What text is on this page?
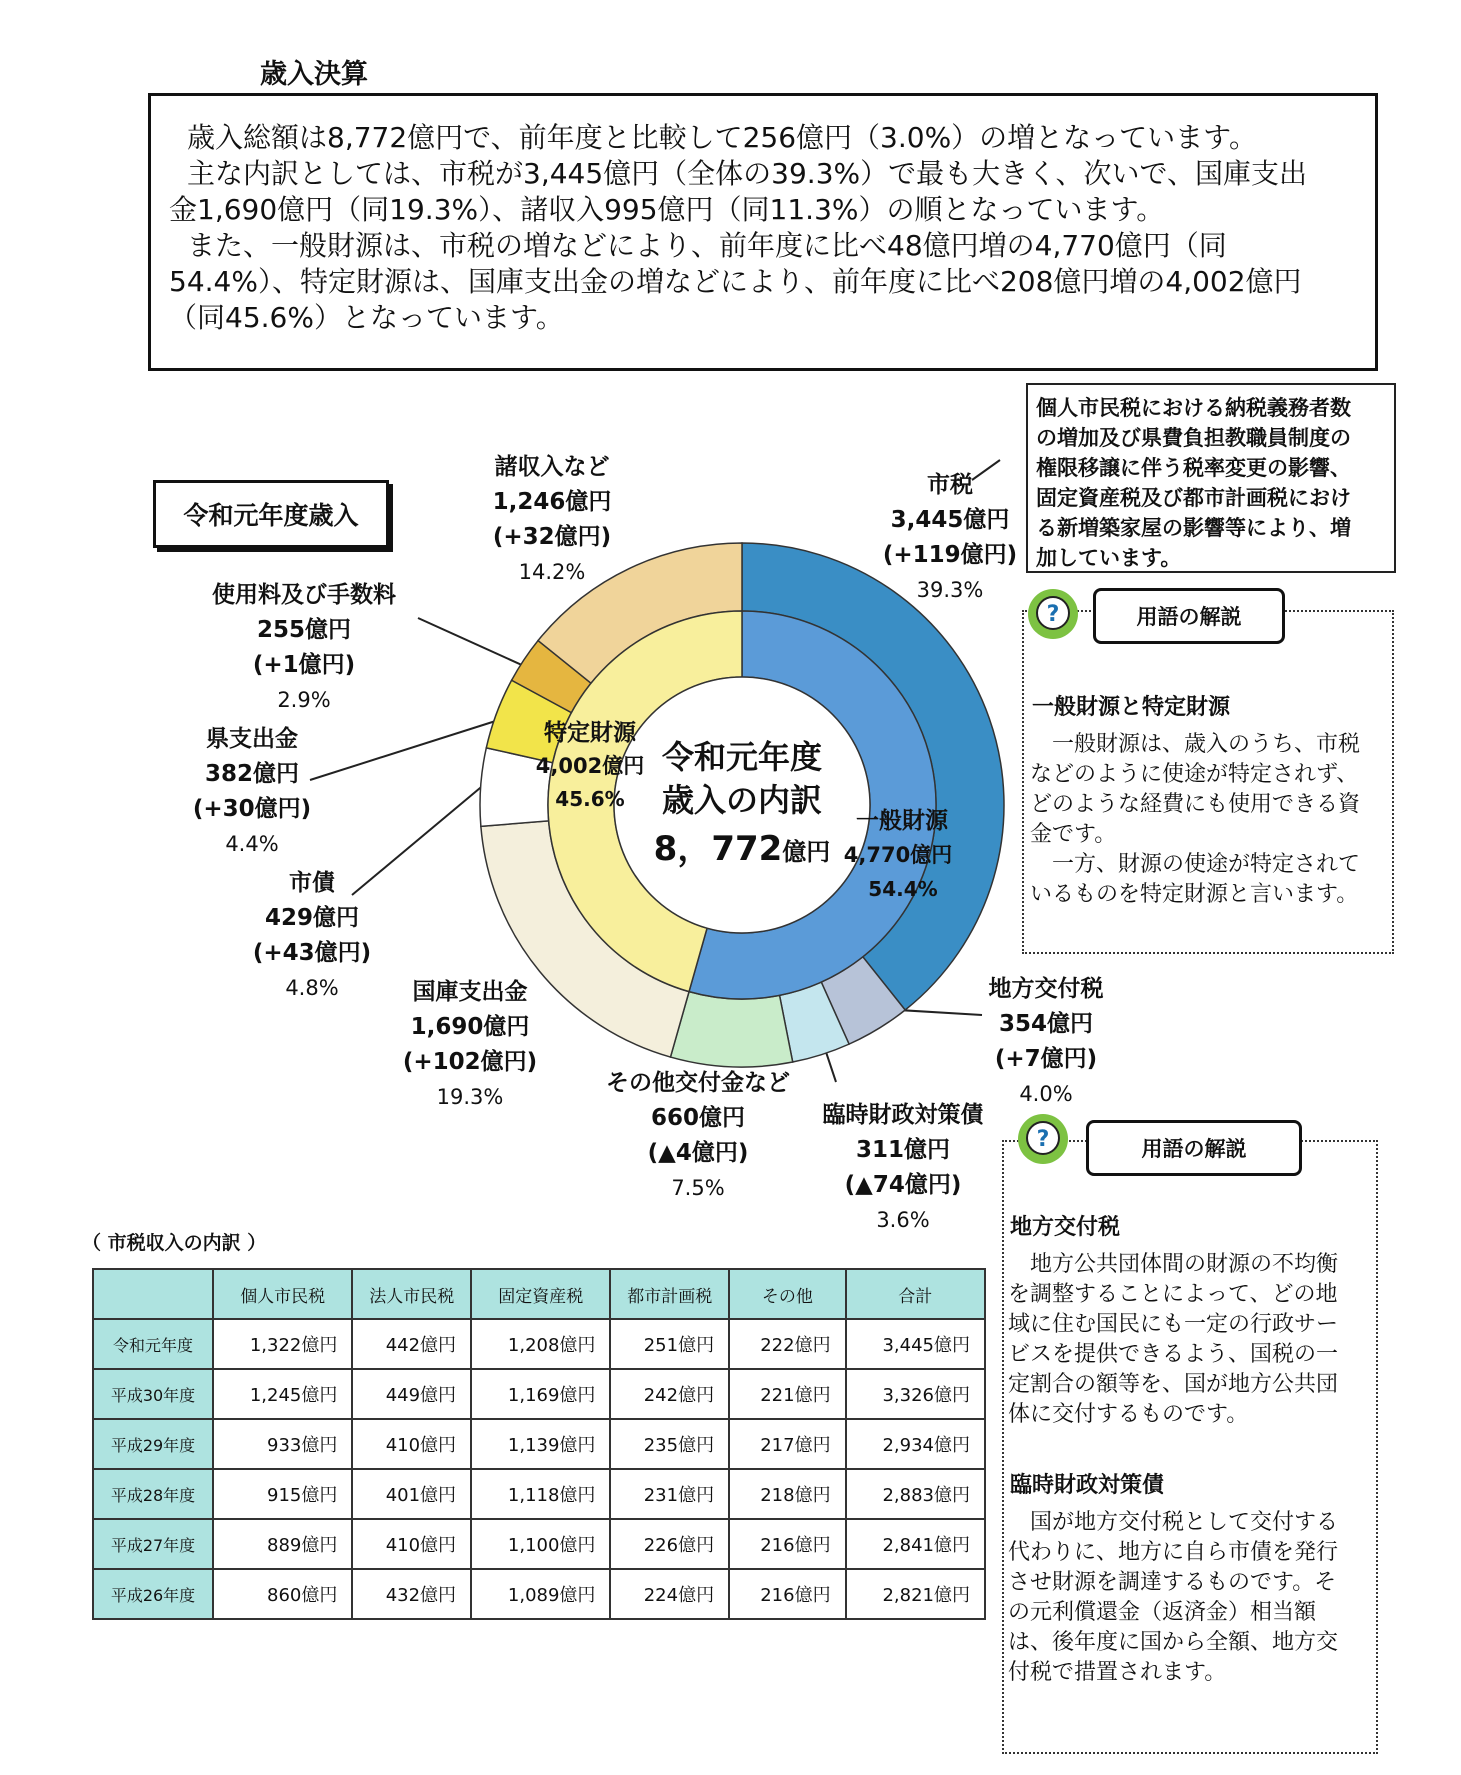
歳入決算

歳入総額は8,772億円で、前年度と比較して256億円（3.0%）の増となっています。

主な内訳としては、市税が3,445億円（全体の39.3%）で最も大きく、次いで、国庫支出

金1,690億円（同19.3%）、諸収入995億円（同11.3%）の順となっています。

また、一般財源は、市税の増などにより、前年度に比べ48億円増の4,770億円（同

54.4%）、特定財源は、国庫支出金の増などにより、前年度に比べ208億円増の4,002億円

（同45.6%）となっています。

令和元年度歳入
令和元年度
歳入の内訳
8，772億円
特定財源
4,002億円
45.6%
一般財源
4,770億円
54.4%
市税
3,445億円
(+119億円)
39.3%
諸収入など
1,246億円
(+32億円)
14.2%
使用料及び手数料
255億円
(+1億円)
2.9%
県支出金
382億円
(+30億円)
4.4%
市債
429億円
(+43億円)
4.8%	国庫支出金
1,690億円
(+102億円)
19.3%
その他交付金など
660億円
(▲4億円)
7.5%
臨時財政対策債
311億円
(▲74億円)
3.6%
地方交付税
354億円
(+7億円)
4.0%
個人市民税における納税義務者数
の増加及び県費負担教職員制度の
権限移譲に伴う税率変更の影響、
固定資産税及び都市計画税におけ
る新増築家屋の影響等により、増
加しています。
一般財源と特定財源

　一般財源は、歳入のうち、市税

などのように使途が特定されず、

どのような経費にも使用できる資

金です。

　一方、財源の使途が特定されて

いるものを特定財源と言います。

?	用語の解説
地方交付税

　地方公共団体間の財源の不均衡

を調整することによって、どの地

域に住む国民にも一定の行政サー

ビスを提供できるよう、国税の一

定割合の額等を、国が地方公共団

体に交付するものです。

臨時財政対策債

　国が地方交付税として交付する

代わりに、地方に自ら市債を発行

させ財源を調達するものです。そ

の元利償還金（返済金）相当額

は、後年度に国から全額、地方交

付税で措置されます。

?	用語の解説
（ 市税収入の内訳 ）
	個人市民税	法人市民税	固定資産税	都市計画税	その他	合計
令和元年度	1,322億円	442億円	1,208億円	251億円	222億円	3,445億円
平成30年度	1,245億円	449億円	1,169億円	242億円	221億円	3,326億円
平成29年度	933億円	410億円	1,139億円	235億円	217億円	2,934億円
平成28年度	915億円	401億円	1,118億円	231億円	218億円	2,883億円
平成27年度	889億円	410億円	1,100億円	226億円	216億円	2,841億円
平成26年度	860億円	432億円	1,089億円	224億円	216億円	2,821億円
